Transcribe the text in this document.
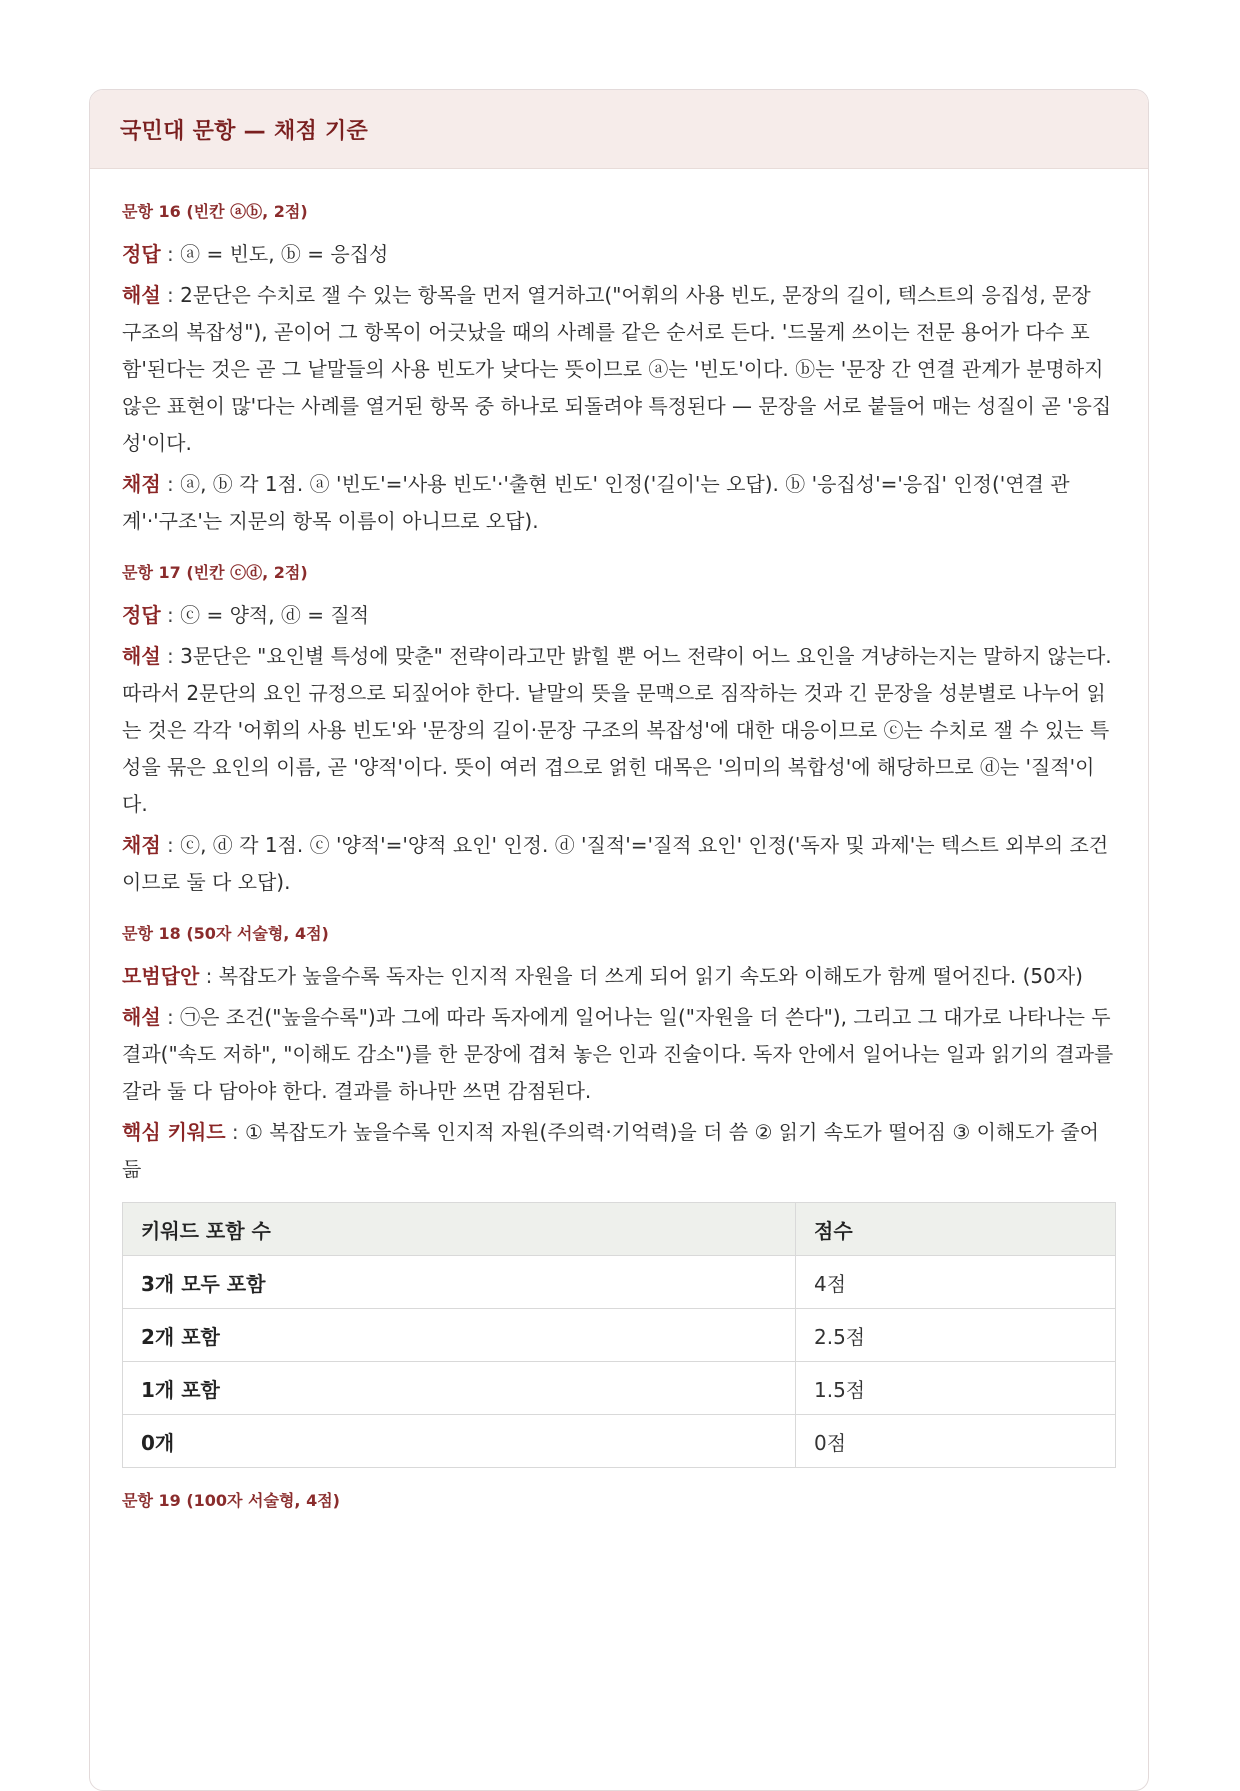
국민대 문항 — 채점 기준
문항 16 (빈칸 ⓐⓑ, 2점)

정답 : ⓐ = 빈도, ⓑ = 응집성

해설 : 2문단은 수치로 잴 수 있는 항목을 먼저 열거하고("어휘의 사용 빈도, 문장의 길이, 텍스트의 응집성, 문장 구조의 복잡성"), 곧이어 그 항목이 어긋났을 때의 사례를 같은 순서로 든다. '드물게 쓰이는 전문 용어가 다수 포함'된다는 것은 곧 그 낱말들의 사용 빈도가 낮다는 뜻이므로 ⓐ는 '빈도'이다. ⓑ는 '문장 간 연결 관계가 분명하지 않은 표현이 많'다는 사례를 열거된 항목 중 하나로 되돌려야 특정된다 — 문장을 서로 붙들어 매는 성질이 곧 '응집성'이다.

채점 : ⓐ, ⓑ 각 1점. ⓐ '빈도'='사용 빈도'·'출현 빈도' 인정('길이'는 오답). ⓑ '응집성'='응집' 인정('연결 관계'·'구조'는 지문의 항목 이름이 아니므로 오답).

문항 17 (빈칸 ⓒⓓ, 2점)

정답 : ⓒ = 양적, ⓓ = 질적

해설 : 3문단은 "요인별 특성에 맞춘" 전략이라고만 밝힐 뿐 어느 전략이 어느 요인을 겨냥하는지는 말하지 않는다. 따라서 2문단의 요인 규정으로 되짚어야 한다. 낱말의 뜻을 문맥으로 짐작하는 것과 긴 문장을 성분별로 나누어 읽는 것은 각각 '어휘의 사용 빈도'와 '문장의 길이·문장 구조의 복잡성'에 대한 대응이므로 ⓒ는 수치로 잴 수 있는 특성을 묶은 요인의 이름, 곧 '양적'이다. 뜻이 여러 겹으로 얽힌 대목은 '의미의 복합성'에 해당하므로 ⓓ는 '질적'이다.

채점 : ⓒ, ⓓ 각 1점. ⓒ '양적'='양적 요인' 인정. ⓓ '질적'='질적 요인' 인정('독자 및 과제'는 텍스트 외부의 조건이므로 둘 다 오답).

문항 18 (50자 서술형, 4점)

모범답안 : 복잡도가 높을수록 독자는 인지적 자원을 더 쓰게 되어 읽기 속도와 이해도가 함께 떨어진다. (50자)

해설 : ㉠은 조건("높을수록")과 그에 따라 독자에게 일어나는 일("자원을 더 쓴다"), 그리고 그 대가로 나타나는 두 결과("속도 저하", "이해도 감소")를 한 문장에 겹쳐 놓은 인과 진술이다. 독자 안에서 일어나는 일과 읽기의 결과를 갈라 둘 다 담아야 한다. 결과를 하나만 쓰면 감점된다.

핵심 키워드 : ① 복잡도가 높을수록 인지적 자원(주의력·기억력)을 더 씀 ② 읽기 속도가 떨어짐 ③ 이해도가 줄어듦

키워드 포함 수	점수
3개 모두 포함	4점
2개 포함	2.5점
1개 포함	1.5점
0개	0점
문항 19 (100자 서술형, 4점)
